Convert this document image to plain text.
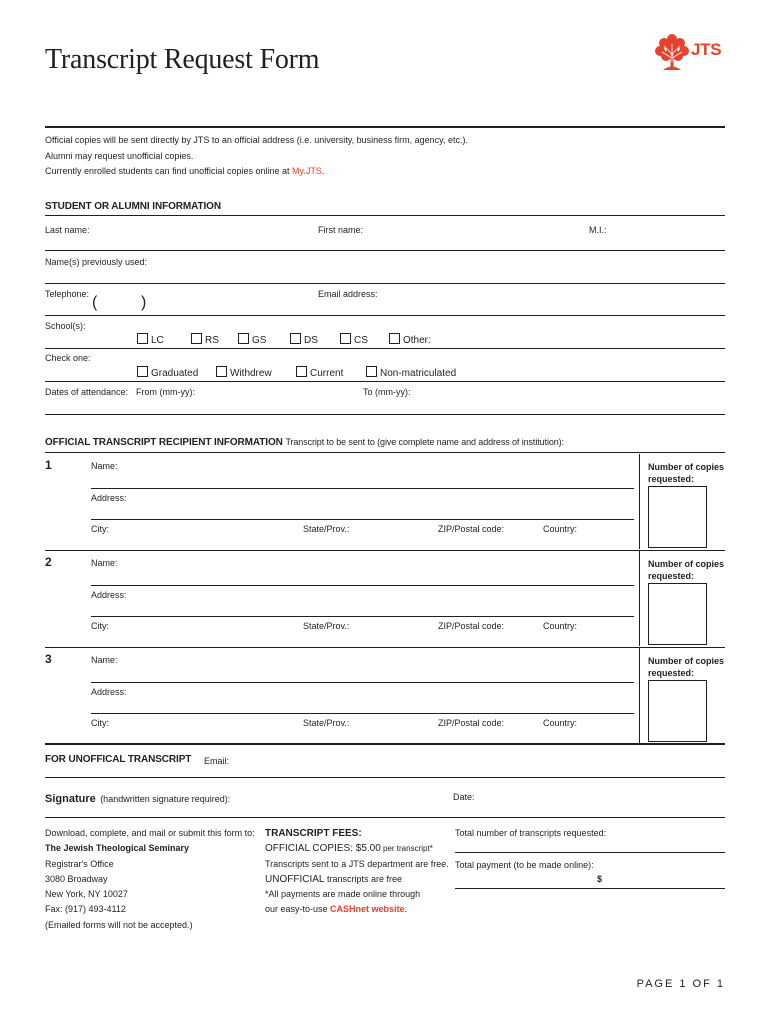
Transcript Request Form	JTS
Official copies will be sent directly by JTS to an official address (i.e. university, business firm, agency, etc.).
Alumni may request unofficial copies.
Currently enrolled students can find unofficial copies online at My.JTS.
STUDENT OR ALUMNI INFORMATION
Last name:	First name:	M.I.:
Name(s) previously used:
Telephone: (	)	Email address:
School(s):
LC	RS	GS	DS	CS	Other:
Check one:
Graduated	Withdrew	Current	Non-matriculated
Dates of attendance: From (mm-yy):	To (mm-yy):
OFFICIAL TRANSCRIPT RECIPIENT INFORMATION Transcript to be sent to (give complete name and address of institution):
1	Name:
Address:
City:	State/Prov.:	ZIP/Postal code:	Country:
Number of copies
requested:
2	Name:
Address:
City:	State/Prov.:	ZIP/Postal code:	Country:
Number of copies
requested:
3	Name:
Address:
City:	State/Prov.:	ZIP/Postal code:	Country:
Number of copies
requested:
FOR UNOFFICAL TRANSCRIPT Email:
Signature (handwritten signature required):	Date:
Download, complete, and mail or submit this form to:
The Jewish Theological Seminary
Registrar's Office
3080 Broadway
New York, NY 10027
Fax: (917) 493-4112
(Emailed forms will not be accepted.)
TRANSCRIPT FEES:
OFFICIAL COPIES: $5.00 per transcript*
Transcripts sent to a JTS department are free.
UNOFFICIAL transcripts are free
*All payments are made online through
our easy-to-use CASHnet website.
Total number of transcripts requested:
Total payment (to be made online):
$
PAGE 1 OF 1
